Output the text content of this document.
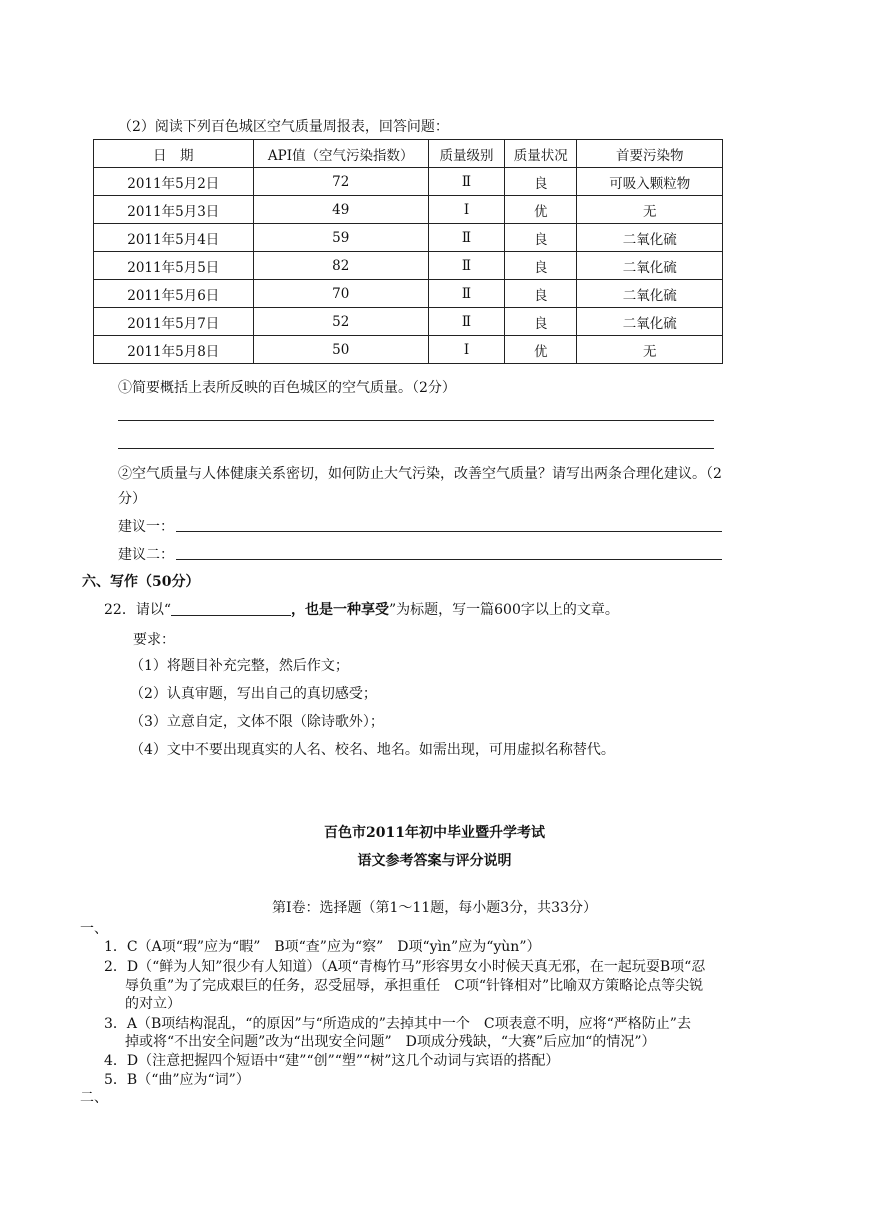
（2）阅读下列百色城区空气质量周报表，回答问题：
日　期	API值（空气污染指数）	质量级别	质量状况	首要污染物
2011年5月2日	72	Ⅱ	良	可吸入颗粒物
2011年5月3日	49	Ⅰ	优	无
2011年5月4日	59	Ⅱ	良	二氧化硫
2011年5月5日	82	Ⅱ	良	二氧化硫
2011年5月6日	70	Ⅱ	良	二氧化硫
2011年5月7日	52	Ⅱ	良	二氧化硫
2011年5月8日	50	Ⅰ	优	无
①简要概括上表所反映的百色城区的空气质量。（2分）
②空气质量与人体健康关系密切，如何防止大气污染，改善空气质量？请写出两条合理化建议。（2
分）
建议一：
建议二：
六、写作（50分）
22．请以“	，也是一种享受”为标题，写一篇600字以上的文章。
要求：
（1）将题目补充完整，然后作文；
（2）认真审题，写出自己的真切感受；
（3）立意自定，文体不限（除诗歌外）；
（4）文中不要出现真实的人名、校名、地名。如需出现，可用虚拟名称替代。
百色市2011年初中毕业暨升学考试
语文参考答案与评分说明
第Ⅰ卷：选择题（第1～11题，每小题3分，共33分）
一、
1．C（A项“瑕”应为“暇”　B项“查”应为“察”　D项“yìn”应为“yùn”）
2．D（“鲜为人知”很少有人知道）（A项“青梅竹马”形容男女小时候天真无邪，在一起玩耍B项“忍
辱负重”为了完成艰巨的任务，忍受屈辱，承担重任　C项“针锋相对”比喻双方策略论点等尖锐
的对立）
3．A（B项结构混乱，“的原因”与“所造成的”去掉其中一个　C项表意不明，应将“严格防止”去
掉或将“不出安全问题”改为“出现安全问题”　D项成分残缺，“大赛”后应加“的情况”）
4．D（注意把握四个短语中“建”“创”“塑”“树”这几个动词与宾语的搭配）
5．B（“曲”应为“词”）
二、
